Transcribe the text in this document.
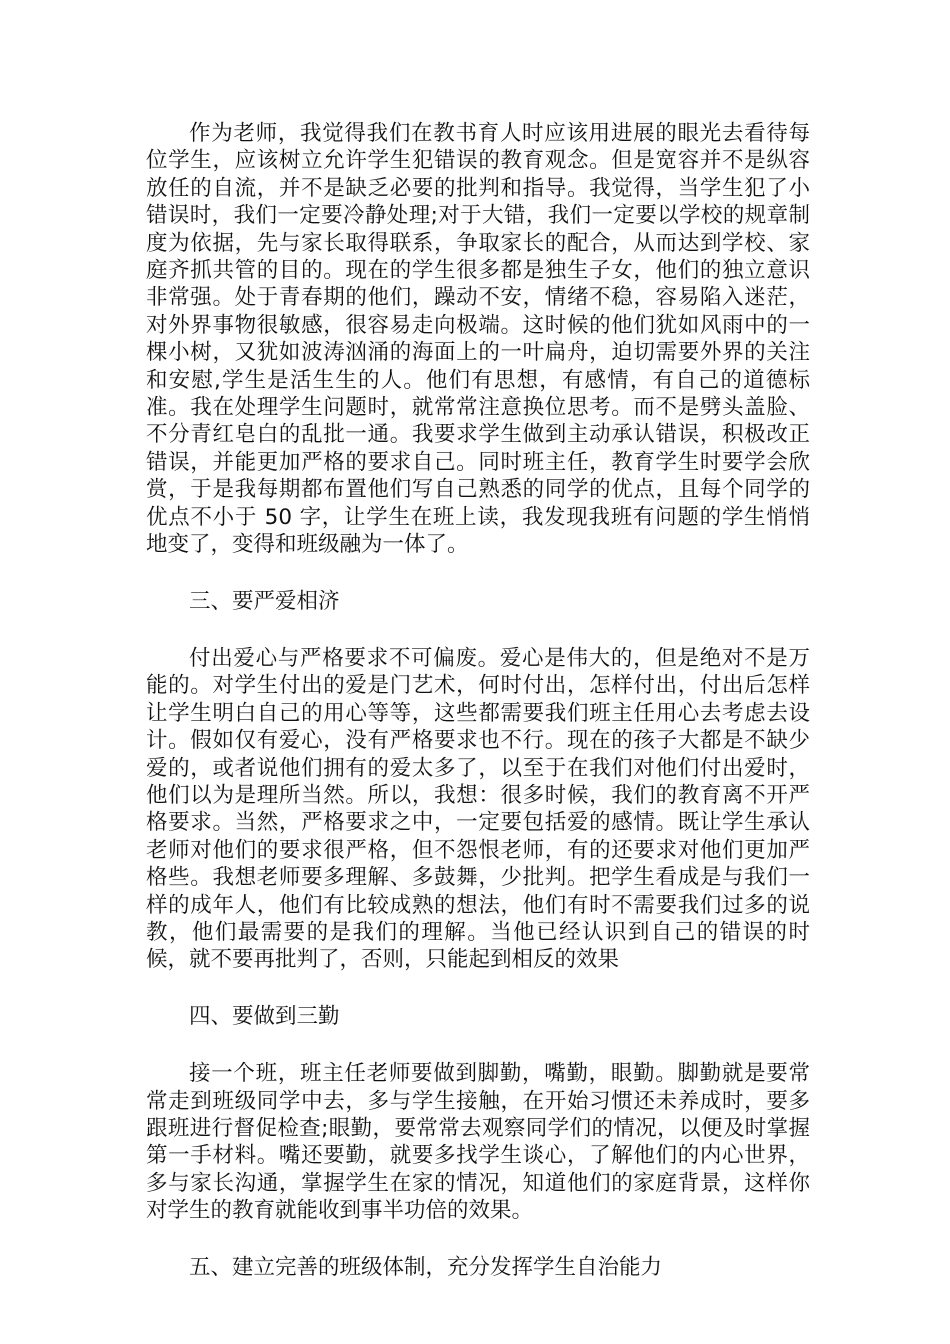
作为老师，我觉得我们在教书育人时应该用进展的眼光去看待每位学生，应该树立允许学生犯错误的教育观念。但是宽容并不是纵容放任的自流，并不是缺乏必要的批判和指导。我觉得，当学生犯了小错误时，我们一定要冷静处理;对于大错，我们一定要以学校的规章制度为依据，先与家长取得联系，争取家长的配合，从而达到学校、家庭齐抓共管的目的。现在的学生很多都是独生子女，他们的独立意识非常强。处于青春期的他们，躁动不安，情绪不稳，容易陷入迷茫，对外界事物很敏感，很容易走向极端。这时候的他们犹如风雨中的一棵小树，又犹如波涛汹涌的海面上的一叶扁舟，迫切需要外界的关注和安慰,学生是活生生的人。他们有思想，有感情，有自己的道德标准。我在处理学生问题时，就常常注意换位思考。而不是劈头盖脸、不分青红皂白的乱批一通。我要求学生做到主动承认错误，积极改正错误，并能更加严格的要求自己。同时班主任，教育学生时要学会欣赏，于是我每期都布置他们写自己熟悉的同学的优点，且每个同学的优点不小于 50 字，让学生在班上读，我发现我班有问题的学生悄悄地变了，变得和班级融为一体了。

三、要严爱相济

付出爱心与严格要求不可偏废。爱心是伟大的，但是绝对不是万能的。对学生付出的爱是门艺术，何时付出，怎样付出，付出后怎样让学生明白自己的用心等等，这些都需要我们班主任用心去考虑去设计。假如仅有爱心，没有严格要求也不行。现在的孩子大都是不缺少爱的，或者说他们拥有的爱太多了，以至于在我们对他们付出爱时，他们以为是理所当然。所以，我想：很多时候，我们的教育离不开严格要求。当然，严格要求之中，一定要包括爱的感情。既让学生承认老师对他们的要求很严格，但不怨恨老师，有的还要求对他们更加严格些。我想老师要多理解、多鼓舞，少批判。把学生看成是与我们一样的成年人，他们有比较成熟的想法，他们有时不需要我们过多的说教，他们最需要的是我们的理解。当他已经认识到自己的错误的时候，就不要再批判了，否则，只能起到相反的效果

四、要做到三勤

接一个班，班主任老师要做到脚勤，嘴勤，眼勤。脚勤就是要常常走到班级同学中去，多与学生接触，在开始习惯还未养成时，要多跟班进行督促检查;眼勤，要常常去观察同学们的情况，以便及时掌握第一手材料。嘴还要勤，就要多找学生谈心，了解他们的内心世界，多与家长沟通，掌握学生在家的情况，知道他们的家庭背景，这样你对学生的教育就能收到事半功倍的效果。

五、建立完善的班级体制，充分发挥学生自治能力
